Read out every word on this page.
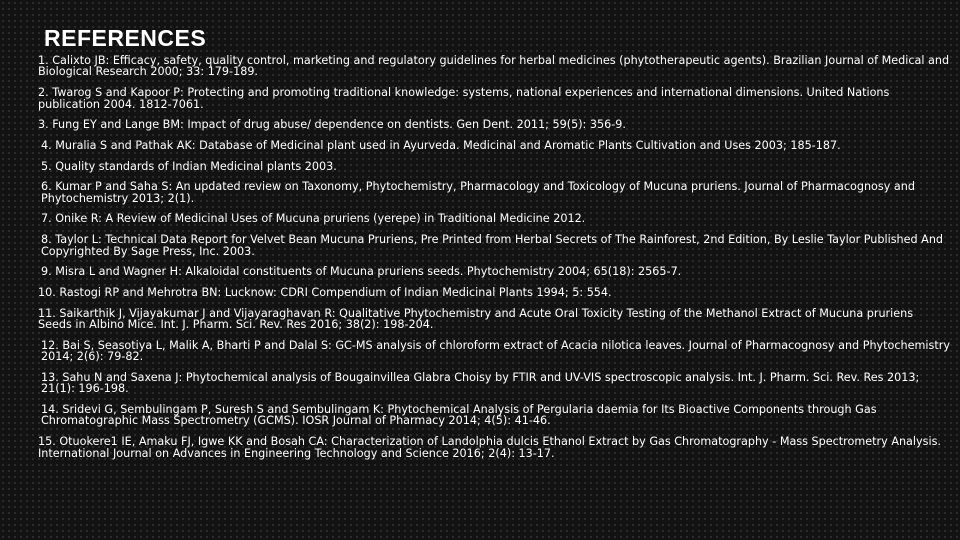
REFERENCES
1. Calixto JB: Efficacy, safety, quality control, marketing and regulatory guidelines for herbal medicines (phytotherapeutic agents). Brazilian Journal of Medical and Biological Research 2000; 33: 179-189.
2. Twarog S and Kapoor P: Protecting and promoting traditional knowledge: systems, national experiences and international dimensions. United Nations publication 2004. 1812-7061.
3. Fung EY and Lange BM: Impact of drug abuse/ dependence on dentists. Gen Dent. 2011; 59(5): 356-9.
4. Muralia S and Pathak AK: Database of Medicinal plant used in Ayurveda. Medicinal and Aromatic Plants Cultivation and Uses 2003; 185-187.
5. Quality standards of Indian Medicinal plants 2003.
6. Kumar P and Saha S: An updated review on Taxonomy, Phytochemistry, Pharmacology and Toxicology of Mucuna pruriens. Journal of Pharmacognosy and Phytochemistry 2013; 2(1).
7. Onike R: A Review of Medicinal Uses of Mucuna pruriens (yerepe) in Traditional Medicine 2012.
8. Taylor L: Technical Data Report for Velvet Bean Mucuna Pruriens, Pre Printed from Herbal Secrets of The Rainforest, 2nd Edition, By Leslie Taylor Published And Copyrighted By Sage Press, Inc. 2003.
9. Misra L and Wagner H: Alkaloidal constituents of Mucuna pruriens seeds. Phytochemistry 2004; 65(18): 2565-7.
10. Rastogi RP and Mehrotra BN: Lucknow: CDRI Compendium of Indian Medicinal Plants 1994; 5: 554.
11. Saikarthik J, Vijayakumar J and Vijayaraghavan R: Qualitative Phytochemistry and Acute Oral Toxicity Testing of the Methanol Extract of Mucuna pruriens Seeds in Albino Mice. Int. J. Pharm. Sci. Rev. Res 2016; 38(2): 198-204.
12. Bai S, Seasotiya L, Malik A, Bharti P and Dalal S: GC-MS analysis of chloroform extract of Acacia nilotica leaves. Journal of Pharmacognosy and Phytochemistry 2014; 2(6): 79-82.
13. Sahu N and Saxena J: Phytochemical analysis of Bougainvillea Glabra Choisy by FTIR and UV-VIS spectroscopic analysis. Int. J. Pharm. Sci. Rev. Res 2013; 21(1): 196-198.
14. Sridevi G, Sembulingam P, Suresh S and Sembulingam K: Phytochemical Analysis of Pergularia daemia for Its Bioactive Components through Gas Chromatographic Mass Spectrometry (GCMS). IOSR Journal of Pharmacy 2014; 4(5): 41-46.
15. Otuokere1 IE, Amaku FJ, Igwe KK and Bosah CA: Characterization of Landolphia dulcis Ethanol Extract by Gas Chromatography - Mass Spectrometry Analysis. International Journal on Advances in Engineering Technology and Science 2016; 2(4): 13-17.
